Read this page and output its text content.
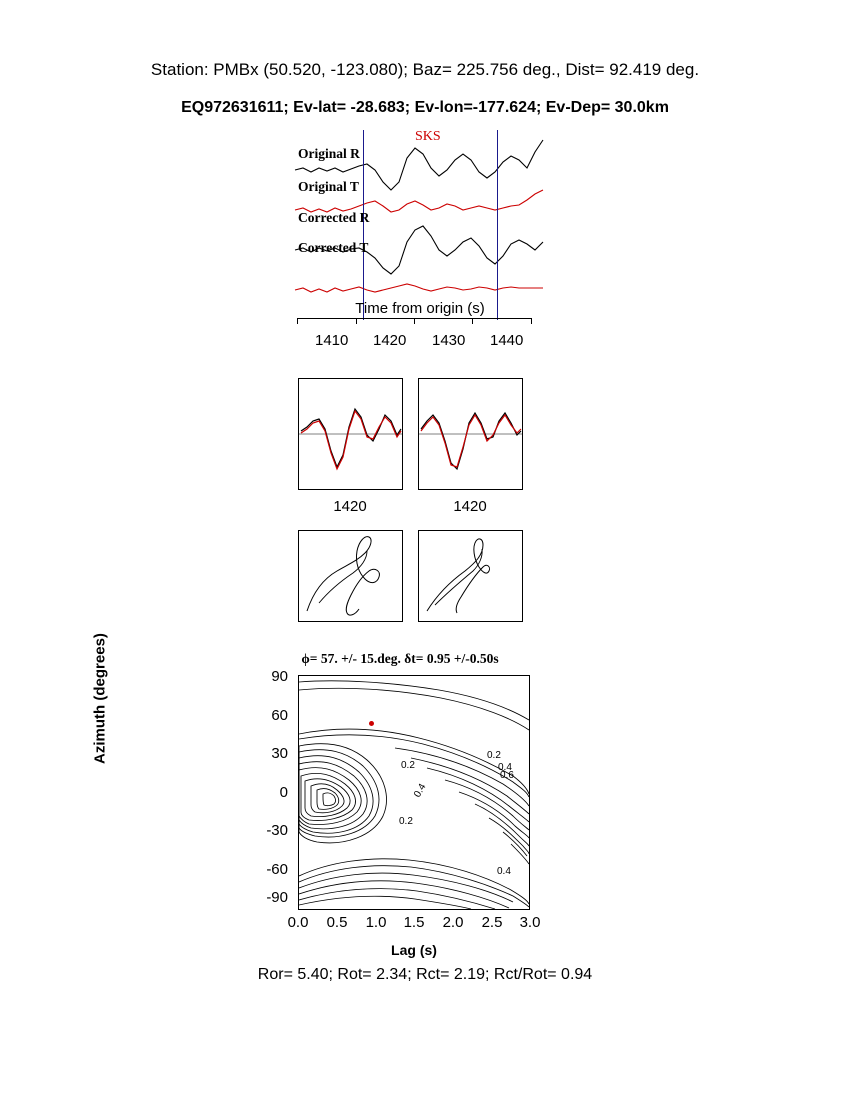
Station: PMBx (50.520, -123.080); Baz= 225.756 deg., Dist= 92.419 deg.
EQ972631611; Ev-lat= -28.683; Ev-lon=-177.624; Ev-Dep= 30.0km
SKS
Original R
Original T
Corrected R
Corrected T
Time from origin (s)
1410 1420 1430 1440
1420	1420
ϕ= 57. +/- 15.deg. δt= 0.95 +/-0.50s
Azimuth (degrees)
0.2
0.2
0.2
0.4
0.6
0.4
0.4
90
60
30
0
-30
-60
-90
0.0	0.5	1.0	1.5	2.0	2.5	3.0
Lag (s)
Ror= 5.40; Rot= 2.34; Rct= 2.19; Rct/Rot= 0.94
